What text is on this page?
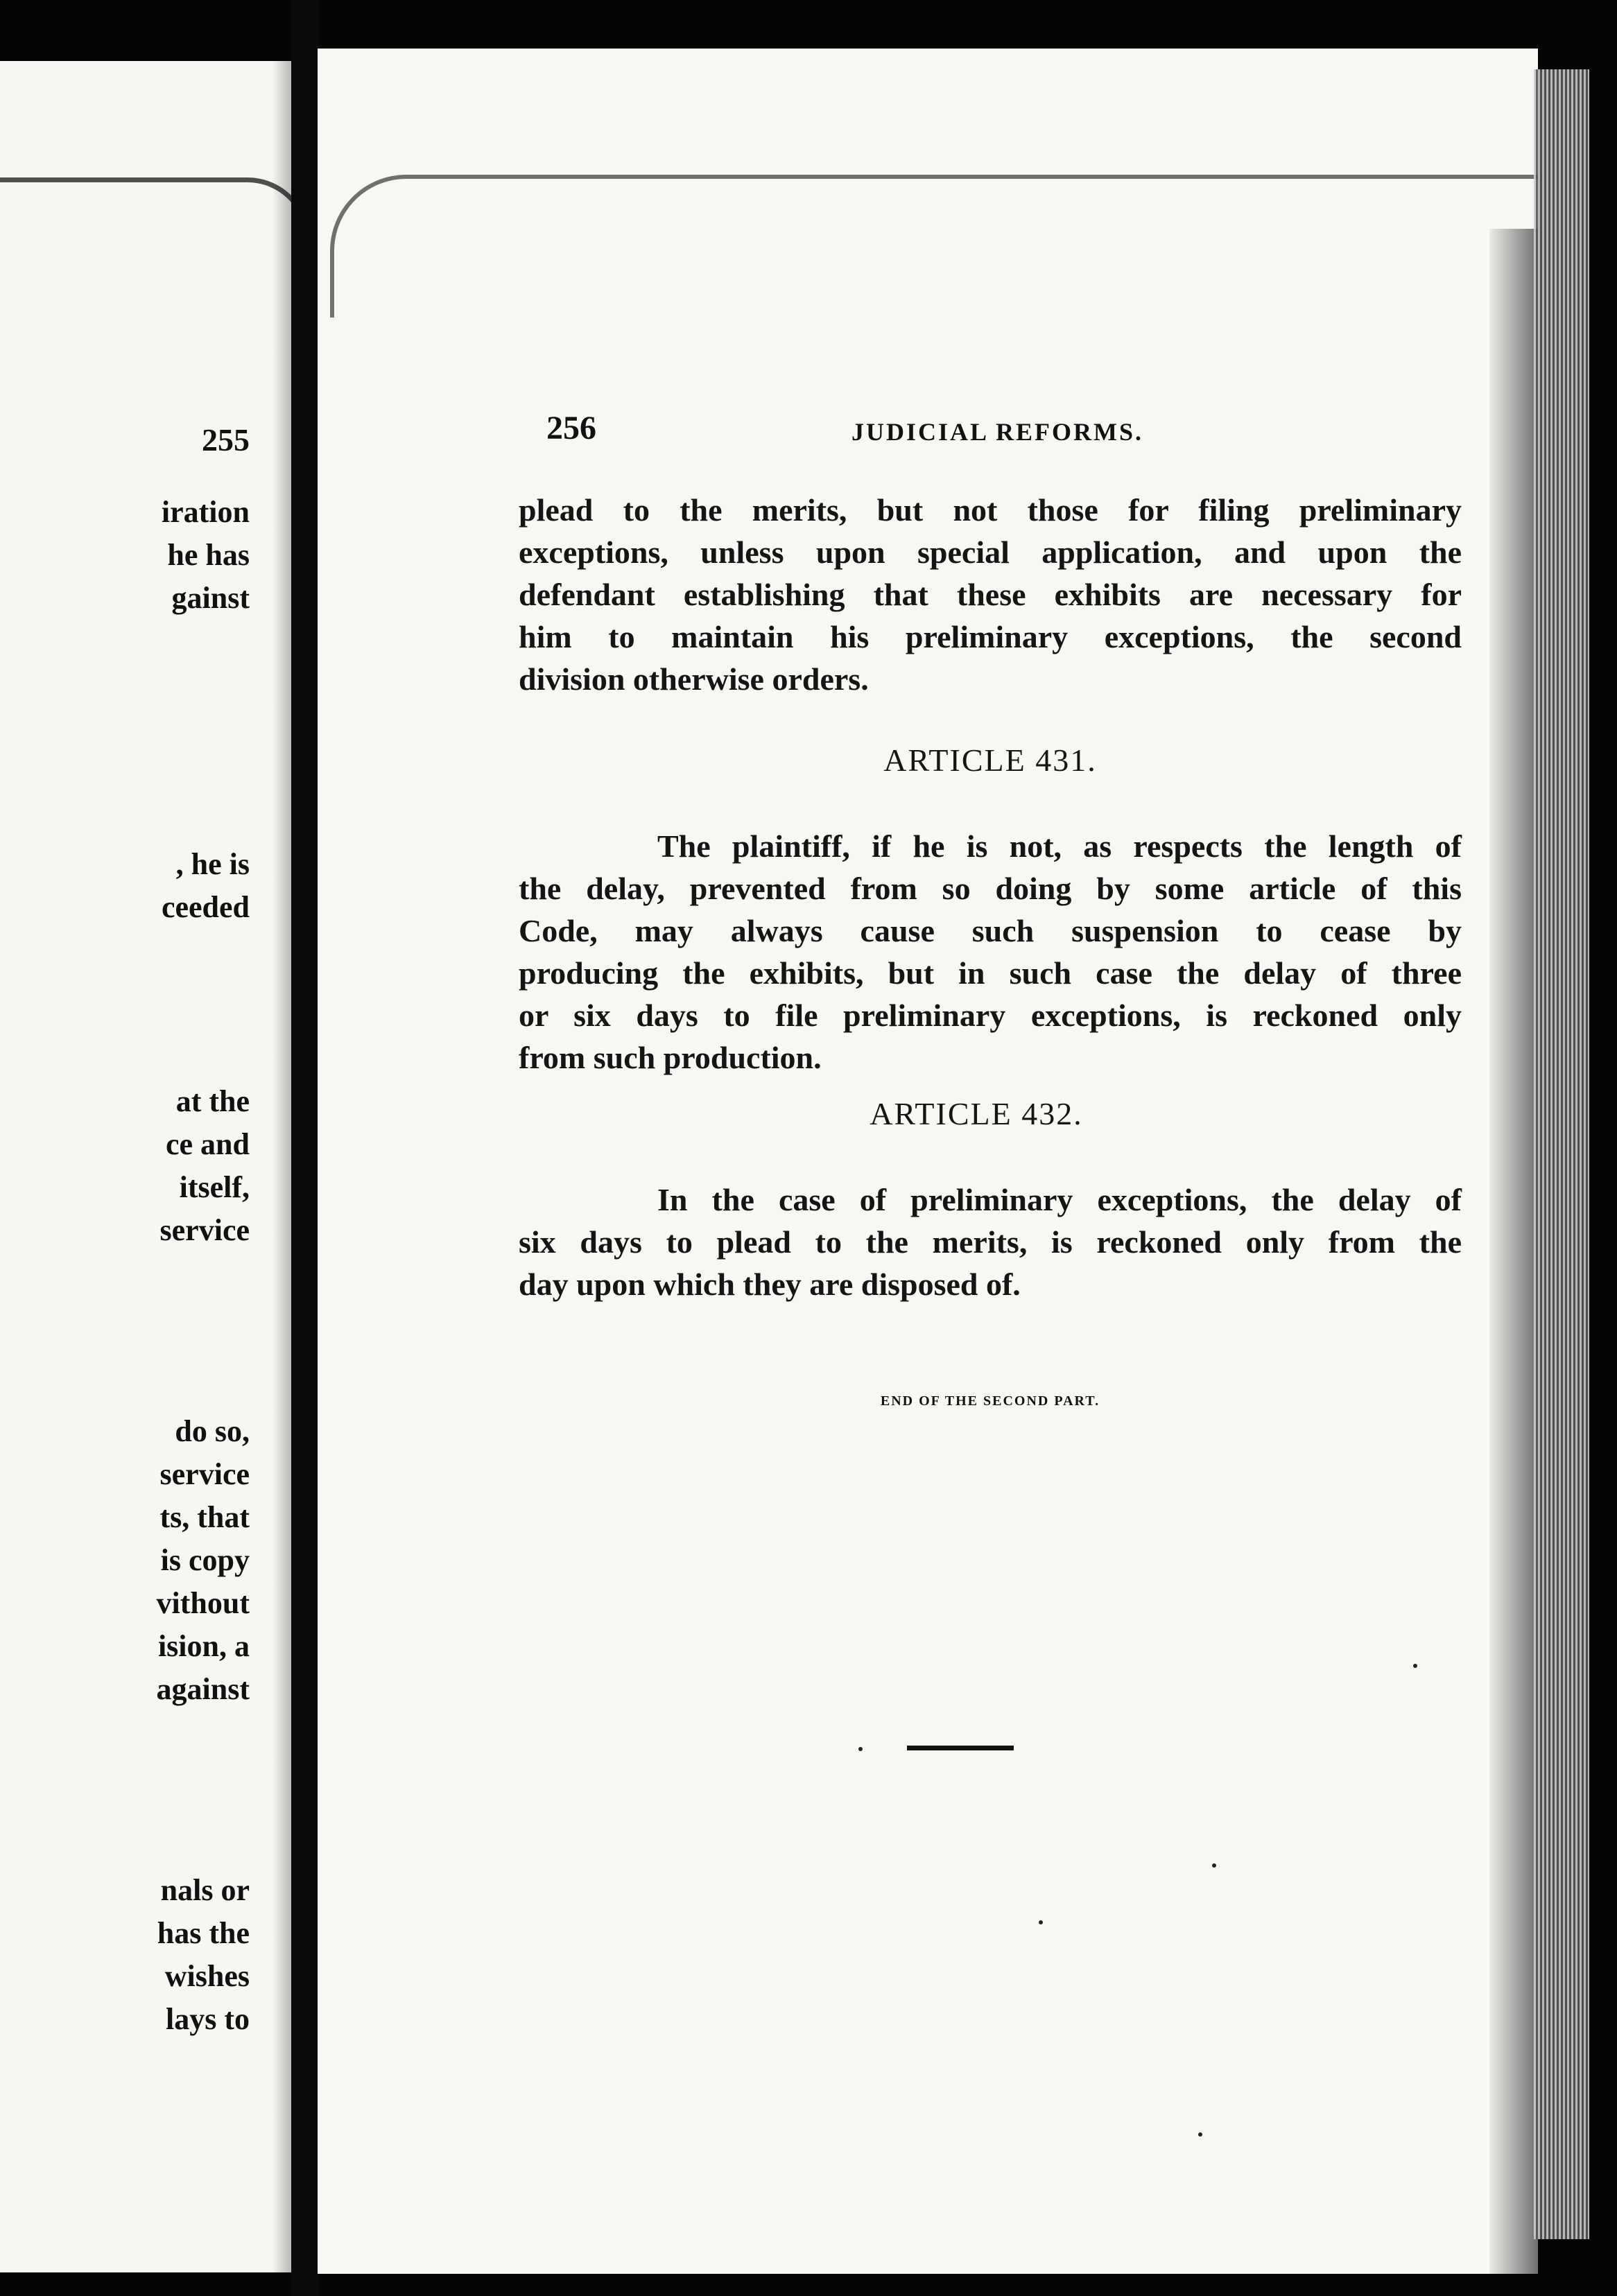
255
iration
he has
gainst
, he is
ceeded
at the
ce and
itself,
service
do so,
service
ts, that
is copy
vithout
ision, a
against
nals or
has the
wishes
lays to
256	JUDICIAL REFORMS.
plead to the merits, but not those for filing preliminary
exceptions, unless upon special application, and upon the
defendant establishing that these exhibits are necessary for
him to maintain his preliminary exceptions, the second
division otherwise orders.
ARTICLE 431.
The plaintiff, if he is not, as respects the length of
the delay, prevented from so doing by some article of this
Code, may always cause such suspension to cease by
producing the exhibits, but in such case the delay of three
or six days to file preliminary exceptions, is reckoned only
from such production.
ARTICLE 432.
In the case of preliminary exceptions, the delay of
six days to plead to the merits, is reckoned only from the
day upon which they are disposed of.
END OF THE SECOND PART.
